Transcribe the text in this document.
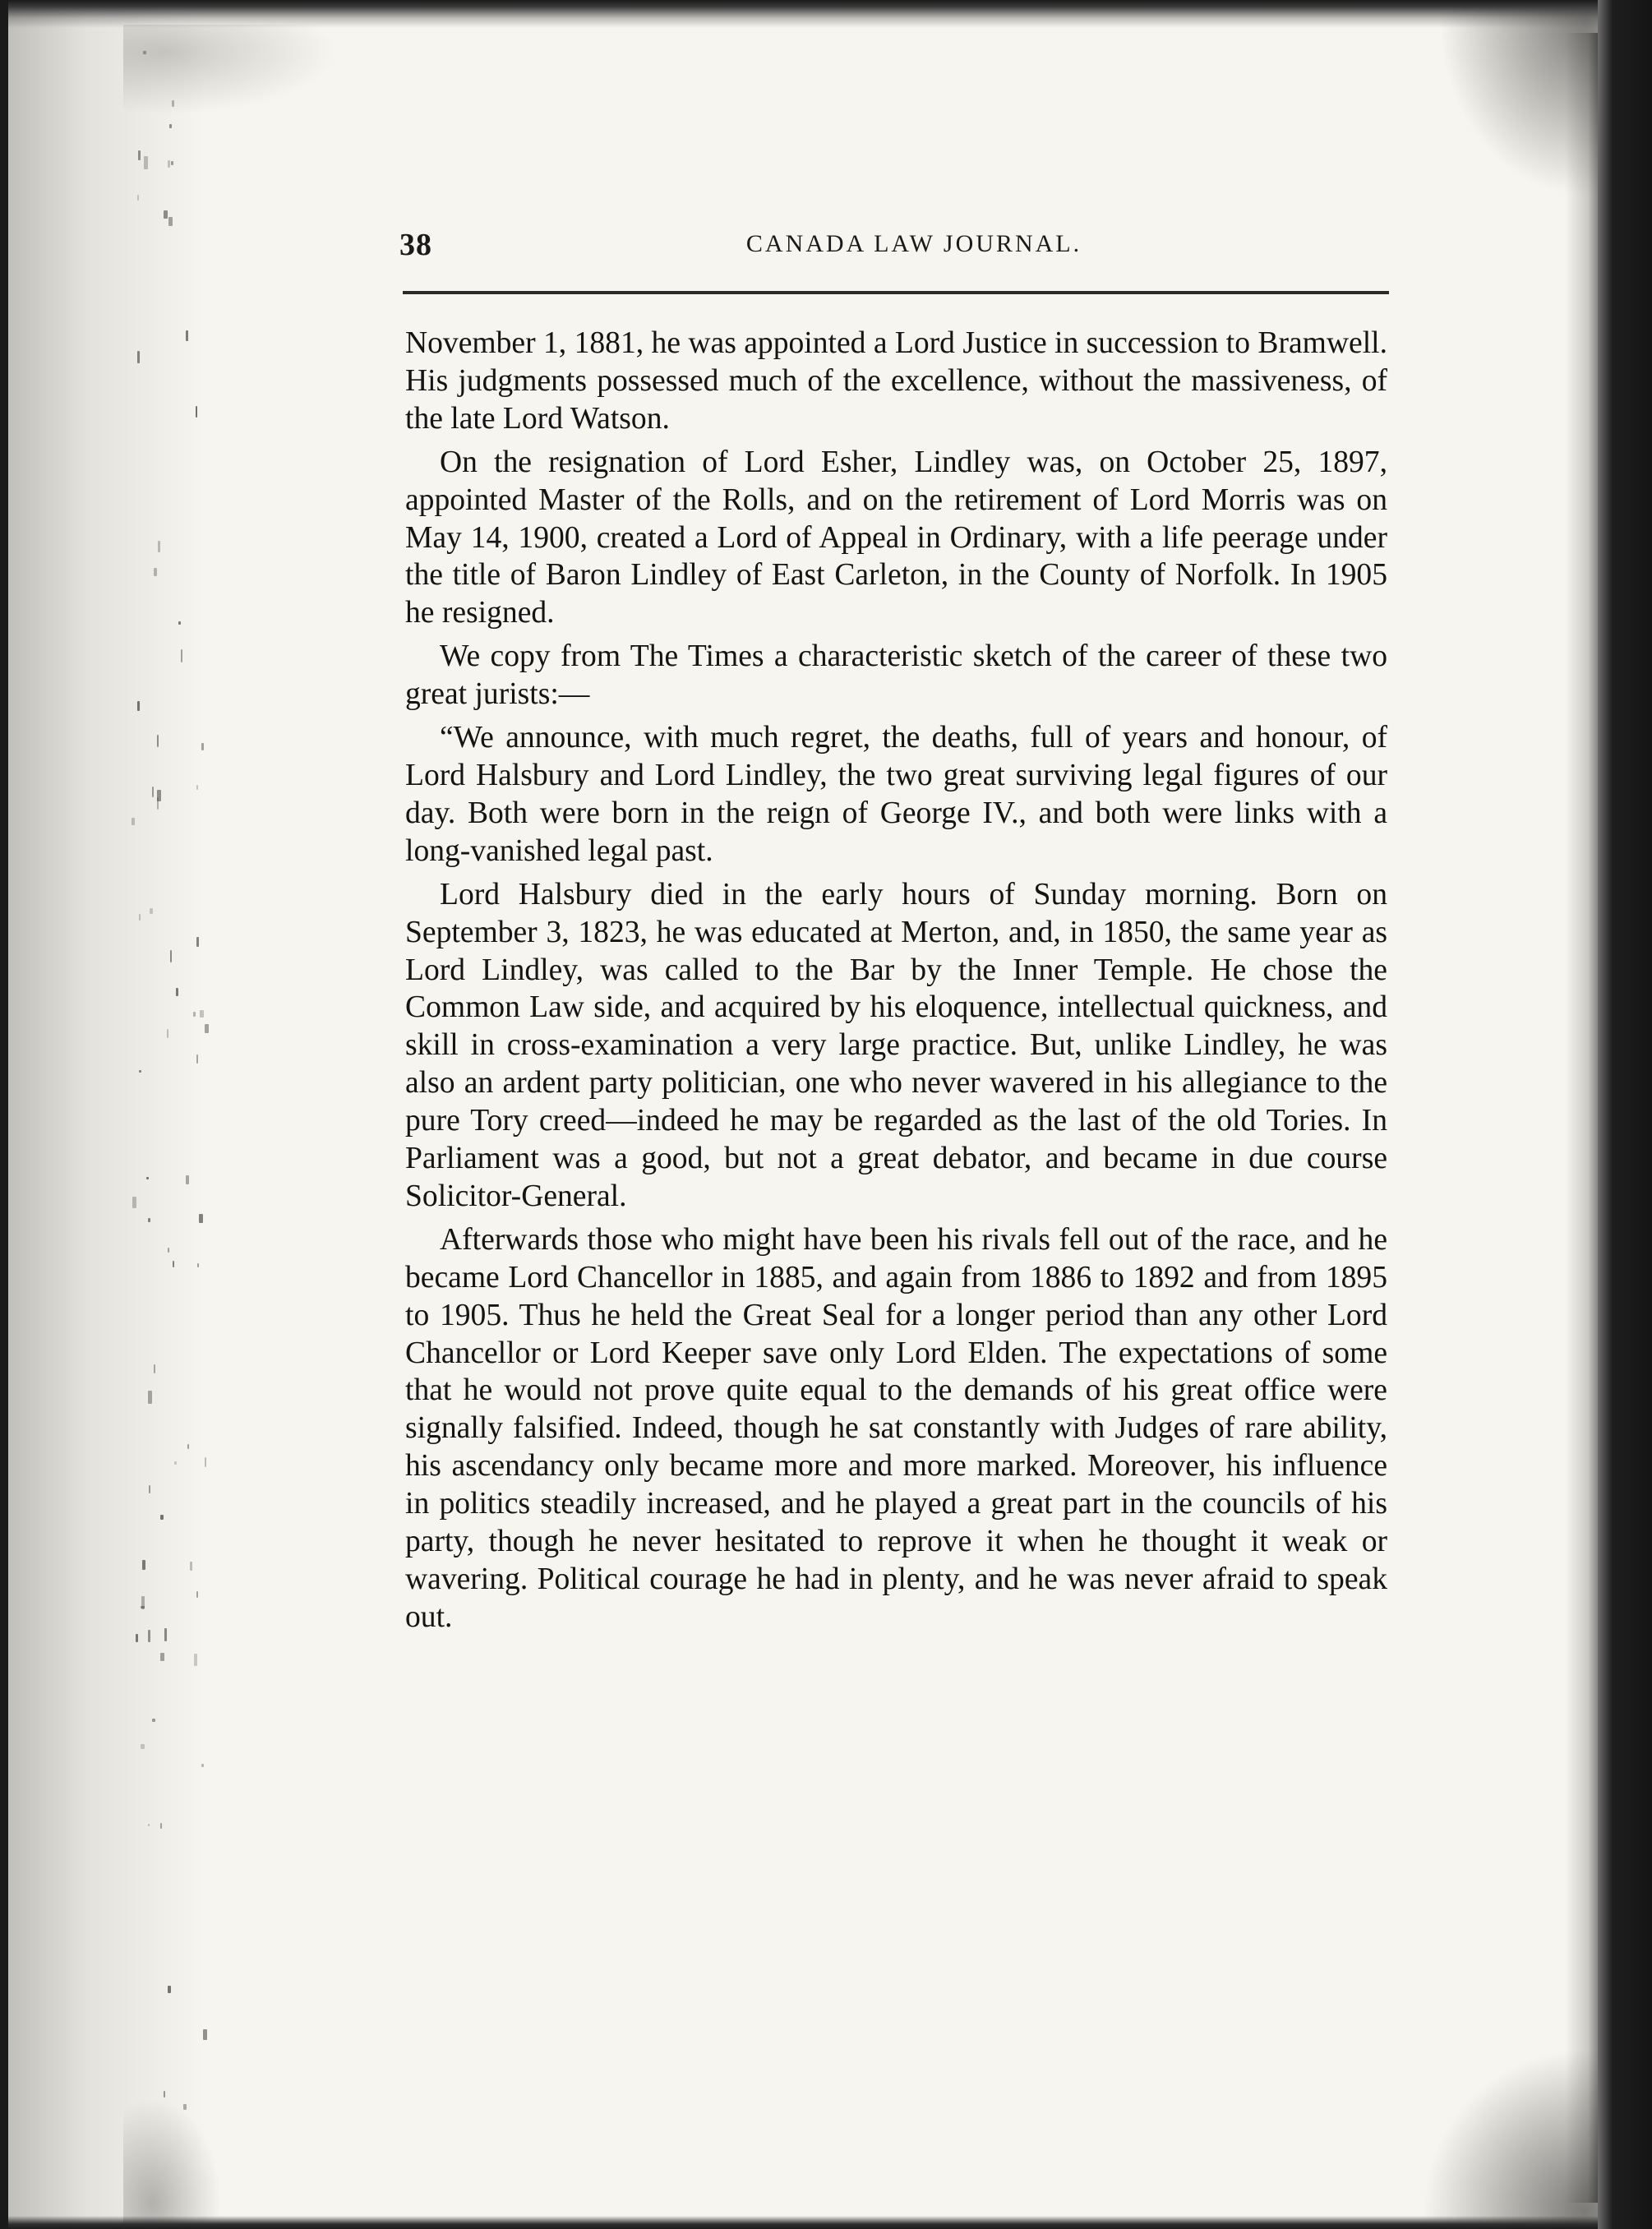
38	CANADA LAW JOURNAL.

November 1, 1881, he was appointed a Lord Justice in succession to Bramwell. His judgments possessed much of the excellence, without the massiveness, of the late Lord Watson.

On the resignation of Lord Esher, Lindley was, on October 25, 1897, appointed Master of the Rolls, and on the retirement of Lord Morris was on May 14, 1900, created a Lord of Appeal in Ordinary, with a life peerage under the title of Baron Lindley of East Carleton, in the County of Norfolk. In 1905 he resigned.

We copy from The Times a characteristic sketch of the career of these two great jurists:—

“We announce, with much regret, the deaths, full of years and honour, of Lord Halsbury and Lord Lindley, the two great surviving legal figures of our day. Both were born in the reign of George IV., and both were links with a long-vanished legal past.

Lord Halsbury died in the early hours of Sunday morning. Born on September 3, 1823, he was educated at Merton, and, in 1850, the same year as Lord Lindley, was called to the Bar by the Inner Temple. He chose the Common Law side, and acquired by his eloquence, intellectual quickness, and skill in cross-examination a very large practice. But, unlike Lindley, he was also an ardent party politician, one who never wavered in his allegiance to the pure Tory creed—indeed he may be regarded as the last of the old Tories. In Parliament was a good, but not a great debator, and became in due course Solicitor-General.

Afterwards those who might have been his rivals fell out of the race, and he became Lord Chancellor in 1885, and again from 1886 to 1892 and from 1895 to 1905. Thus he held the Great Seal for a longer period than any other Lord Chancellor or Lord Keeper save only Lord Elden. The expectations of some that he would not prove quite equal to the demands of his great office were signally falsified. Indeed, though he sat constantly with Judges of rare ability, his ascendancy only became more and more marked. Moreover, his influence in politics steadily increased, and he played a great part in the councils of his party, though he never hesitated to reprove it when he thought it weak or wavering. Political courage he had in plenty, and he was never afraid to speak out.
